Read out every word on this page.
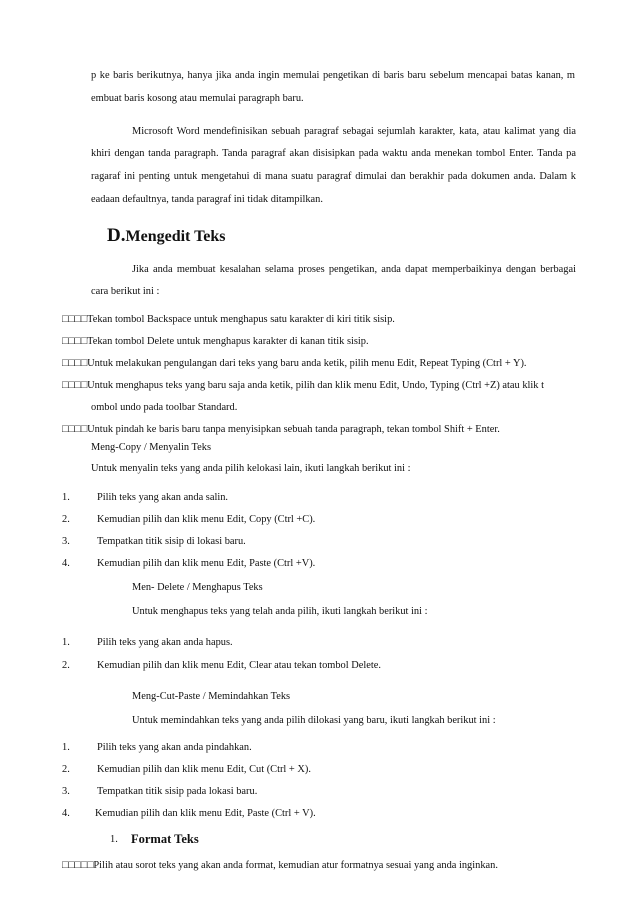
p ke baris berikutnya, hanya jika anda ingin memulai pengetikan di baris baru sebelum mencapai batas kanan, m
embuat baris kosong atau memulai paragraph baru.
Microsoft Word mendefinisikan sebuah paragraf sebagai sejumlah karakter, kata, atau kalimat yang dia
khiri dengan tanda paragraph. Tanda paragraf akan disisipkan pada waktu anda menekan tombol Enter. Tanda pa
ragaraf ini penting untuk mengetahui di mana suatu paragraf dimulai dan berakhir pada dokumen anda. Dalam k
eadaan defaultnya, tanda paragraf ini tidak ditampilkan.
D.Mengedit Teks
Jika anda membuat kesalahan selama proses pengetikan, anda dapat memperbaikinya dengan berbagai
cara berikut ini :
□□□□Tekan tombol Backspace untuk menghapus satu karakter di kiri titik sisip.
□□□□Tekan tombol Delete untuk menghapus karakter di kanan titik sisip.
□□□□Untuk melakukan pengulangan dari teks yang baru anda ketik, pilih menu Edit, Repeat Typing (Ctrl + Y).
□□□□Untuk menghapus teks yang baru saja anda ketik, pilih dan klik menu Edit, Undo, Typing (Ctrl +Z) atau klik t
ombol undo pada toolbar Standard.
□□□□Untuk pindah ke baris baru tanpa menyisipkan sebuah tanda paragraph, tekan tombol Shift + Enter.
Meng-Copy / Menyalin Teks
Untuk menyalin teks yang anda pilih kelokasi lain, ikuti langkah berikut ini :
1.	Pilih teks yang akan anda salin.
2.	Kemudian pilih dan klik menu Edit, Copy (Ctrl +C).
3.	Tempatkan titik sisip di lokasi baru.
4.	Kemudian pilih dan klik menu Edit, Paste (Ctrl +V).
Men- Delete / Menghapus Teks
Untuk menghapus teks yang telah anda pilih, ikuti langkah berikut ini :
1.	Pilih teks yang akan anda hapus.
2.	Kemudian pilih dan klik menu Edit, Clear atau tekan tombol Delete.
Meng-Cut-Paste / Memindahkan Teks
Untuk memindahkan teks yang anda pilih dilokasi yang baru, ikuti langkah berikut ini :
1.	Pilih teks yang akan anda pindahkan.
2.	Kemudian pilih dan klik menu Edit, Cut (Ctrl + X).
3.	Tempatkan titik sisip pada lokasi baru.
4. Kemudian pilih dan klik menu Edit, Paste (Ctrl + V).
1. Format Teks
□□□□□Pilih atau sorot teks yang akan anda format, kemudian atur formatnya sesuai yang anda inginkan.
